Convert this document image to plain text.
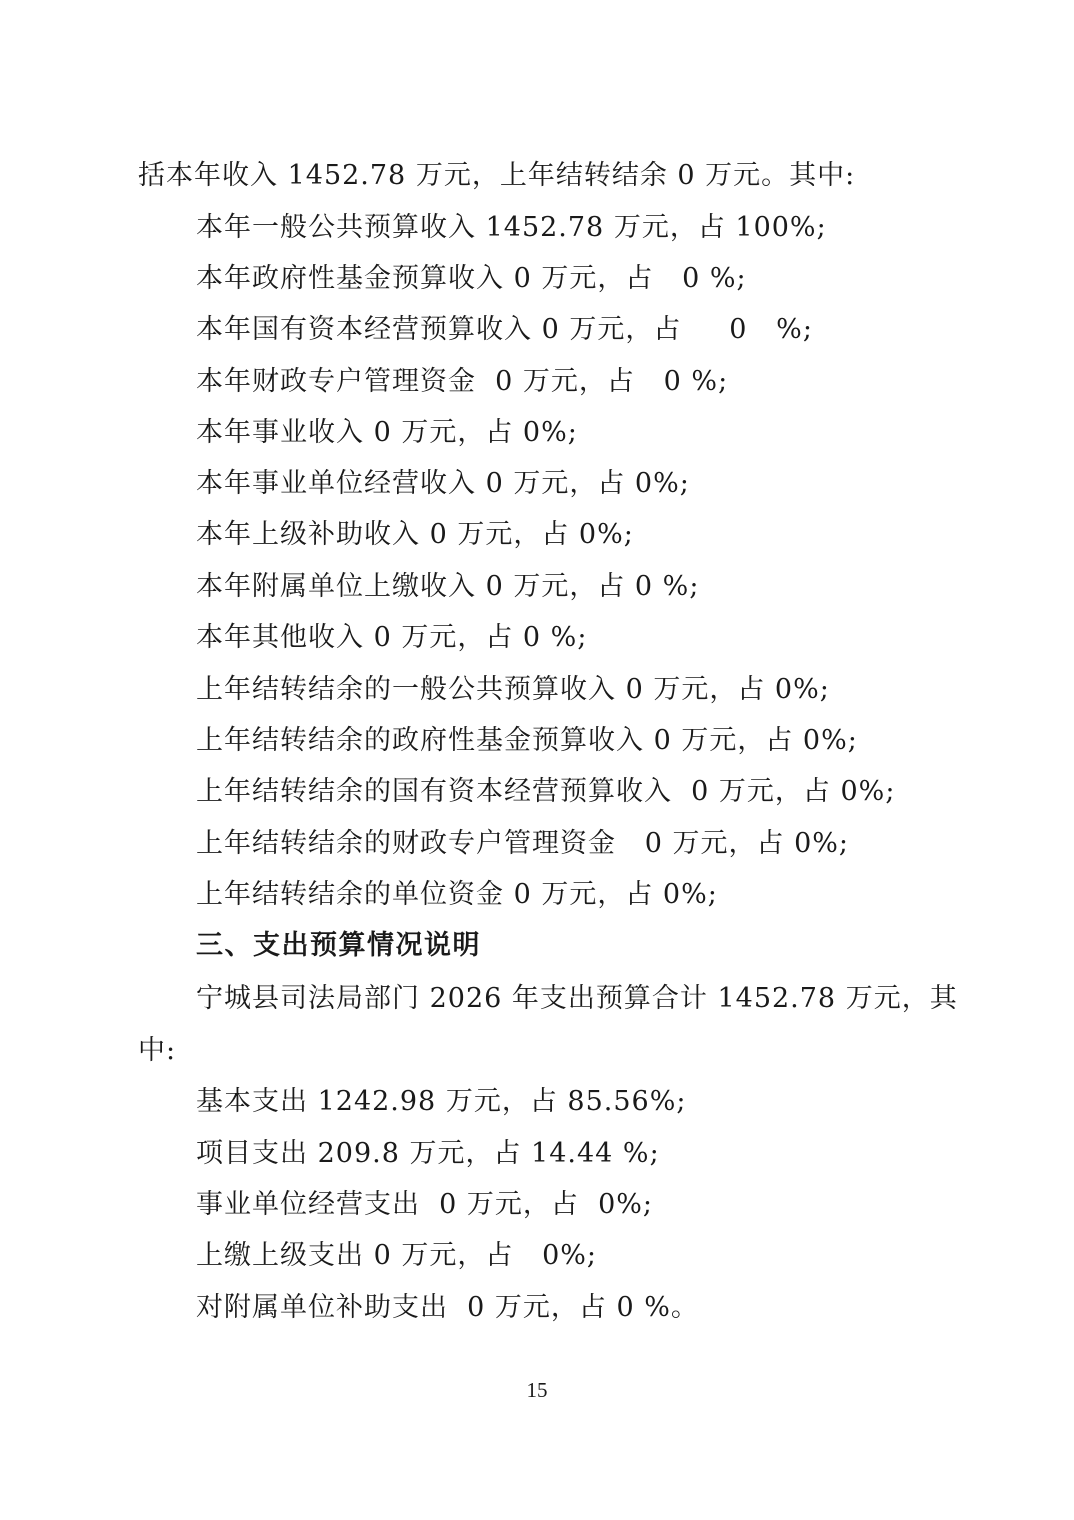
括本年收入 1452.78 万元，上年结转结余 0 万元。其中:
本年一般公共预算收入 1452.78 万元，占 100%;
本年政府性基金预算收入 0 万元，占   0 %;
本年国有资本经营预算收入 0 万元，占     0   %;
本年财政专户管理资金  0 万元，占   0 %;
本年事业收入 0 万元，占 0%;
本年事业单位经营收入 0 万元，占 0%;
本年上级补助收入 0 万元，占 0%;
本年附属单位上缴收入 0 万元，占 0 %;
本年其他收入 0 万元，占 0 %;
上年结转结余的一般公共预算收入 0 万元，占 0%;
上年结转结余的政府性基金预算收入 0 万元，占 0%;
上年结转结余的国有资本经营预算收入  0 万元，占 0%;
上年结转结余的财政专户管理资金   0 万元，占 0%;
上年结转结余的单位资金 0 万元，占 0%;
三、支出预算情况说明
宁城县司法局部门 2026 年支出预算合计 1452.78 万元，其
中:
基本支出 1242.98 万元，占 85.56%;
项目支出 209.8 万元，占 14.44 %;
事业单位经营支出  0 万元，占  0%;
上缴上级支出 0 万元，占   0%;
对附属单位补助支出  0 万元，占 0 %。
15
